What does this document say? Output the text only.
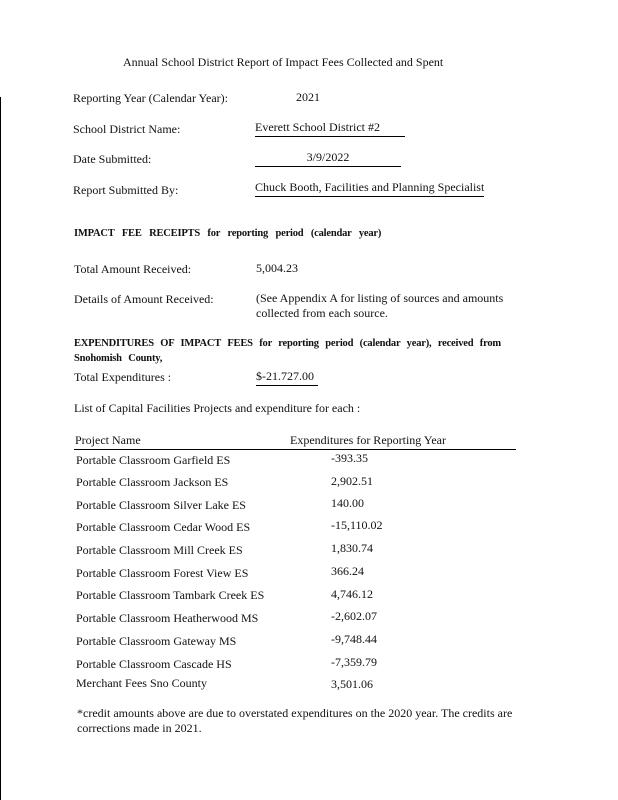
Annual School District Report of Impact Fees Collected and Spent
Reporting Year (Calendar Year):	2021
School District Name:	Everett School District #2
Date Submitted:	3/9/2022
Report Submitted By:	Chuck Booth, Facilities and Planning Specialist
IMPACT FEE RECEIPTS for reporting period (calendar year)
Total Amount Received:	5,004.23
Details of Amount Received:	(See Appendix A for listing of sources and amounts collected from each source.
EXPENDITURES OF IMPACT FEES for reporting period (calendar year), received from Snohomish County,
Total Expenditures :	$-21.727.00
List of Capital Facilities Projects and expenditure for each :
Project Name	Expenditures for Reporting Year
Portable Classroom Garfield ES	-393.35
Portable Classroom Jackson ES	2,902.51
Portable Classroom Silver Lake ES	140.00
Portable Classroom Cedar Wood ES	-15,110.02
Portable Classroom Mill Creek ES	1,830.74
Portable Classroom Forest View ES	366.24
Portable Classroom Tambark Creek ES	4,746.12
Portable Classroom Heatherwood MS	-2,602.07
Portable Classroom Gateway MS	-9,748.44
Portable Classroom Cascade HS	-7,359.79
Merchant Fees Sno County	3,501.06
*credit amounts above are due to overstated expenditures on the 2020 year. The credits are corrections made in 2021.
